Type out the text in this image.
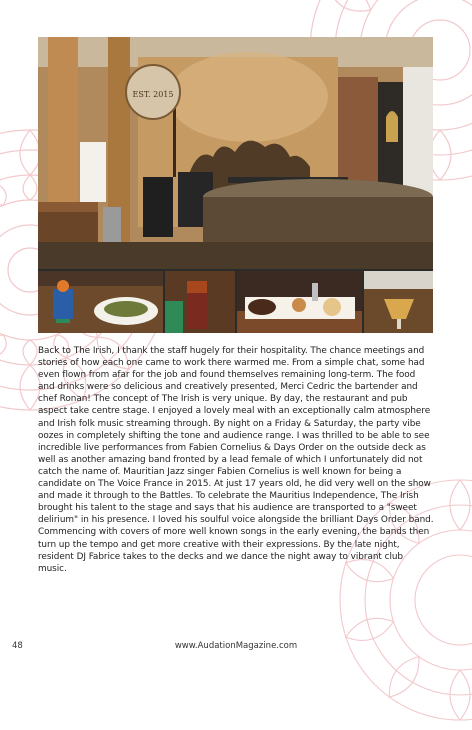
EST. 2015

Back to The Irish, I thank the staff hugely for their hospitality. The chance meetings and stories of how each one came to work there warmed me. From a simple chat, some had even flown from afar for the job and found themselves remaining long-term. The food and drinks were so delicious and creatively presented, Merci Cedric the bartender and chef Ronan! The concept of The Irish is very unique. By day, the restaurant and pub aspect take centre stage. I enjoyed a lovely meal with an exceptionally calm atmosphere and Irish folk music streaming through. By night on a Friday & Saturday, the party vibe oozes in completely shifting the tone and audience range. I was thrilled to be able to see incredible live performances from Fabien Cornelius & Days Order on the outside deck as well as another amazing band fronted by a lead female of which I unfortunately did not catch the name of. Mauritian Jazz singer Fabien Cornelius is well known for being a candidate on The Voice France in 2015. At just 17 years old, he did very well on the show and made it through to the Battles. To celebrate the Mauritius Independence, The Irish brought his talent to the stage and says that his audience are transported to a "sweet delirium" in his presence. I loved his soulful voice alongside the brilliant Days Order band. Commencing with covers of more well known songs in the early evening, the bands then turn up the tempo and get more creative with their expressions. By the late night, resident DJ Fabrice takes to the decks and we dance the night away to vibrant club music.

48	www.AudationMagazine.com
